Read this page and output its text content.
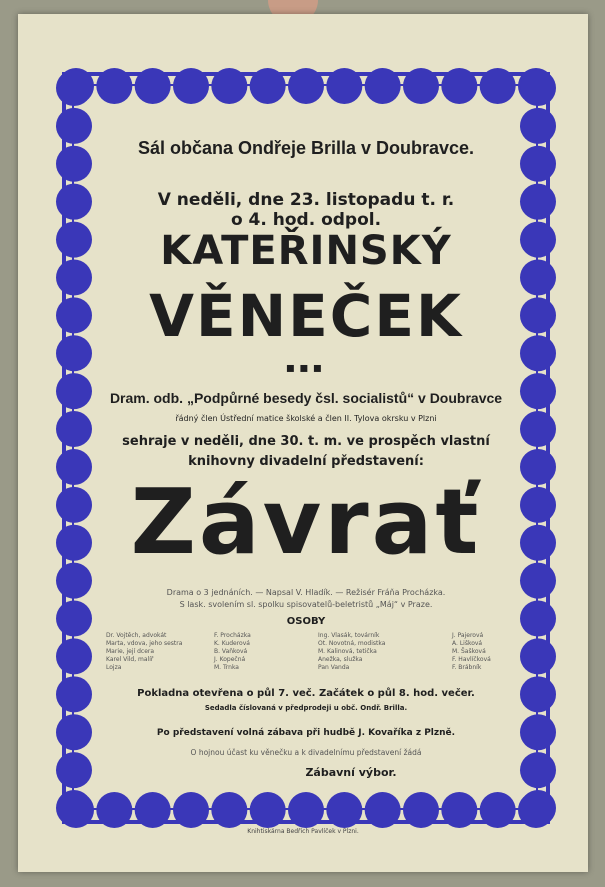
Sál občana Ondřeje Brilla v Doubravce.
V neděli, dne 23. listopadu t. r.
o 4. hod. odpol.
KATEŘINSKÝ
VĚNEČEK
▪▪▪
Dram. odb. „Podpůrné besedy čsl. socialistů“ v Doubravce
řádný člen Ústřední matice školské a člen II. Tylova okrsku v Plzni
sehraje v neděli, dne 30. t. m. ve prospěch vlastní
knihovny divadelní představení:
Závrať
Drama o 3 jednáních. — Napsal V. Hladík. — Režisér Fráňa Procházka.
S lask. svolením sl. spolku spisovatelů-beletristů „Máj“ v Praze.
OSOBY
Dr. Vojtěch, advokát
Marta, vdova, jeho sestra
Marie, její dcera
Karel Vild, malíř
Lojza
F. Procházka
K. Kuderová
B. Vaňková
J. Kopečná
M. Trnka
Ing. Vlasák, továrník
Ot. Novotná, modistka
M. Kalinová, tetička
Anežka, služka
Pan Vanda
J. Pajerová
A. Lišková
M. Šašková
F. Havlíčková
F. Brábník
Pokladna otevřena o půl 7. več. Začátek o půl 8. hod. večer.
Sedadla číslovaná v předprodeji u obč. Ondř. Brilla.
Po představení volná zábava při hudbě J. Kovaříka z Plzně.
O hojnou účast ku věnečku a k divadelnímu představení žádá
Zábavní výbor.
Knihtiskárna Bedřich Pavlíček v Plzni.
